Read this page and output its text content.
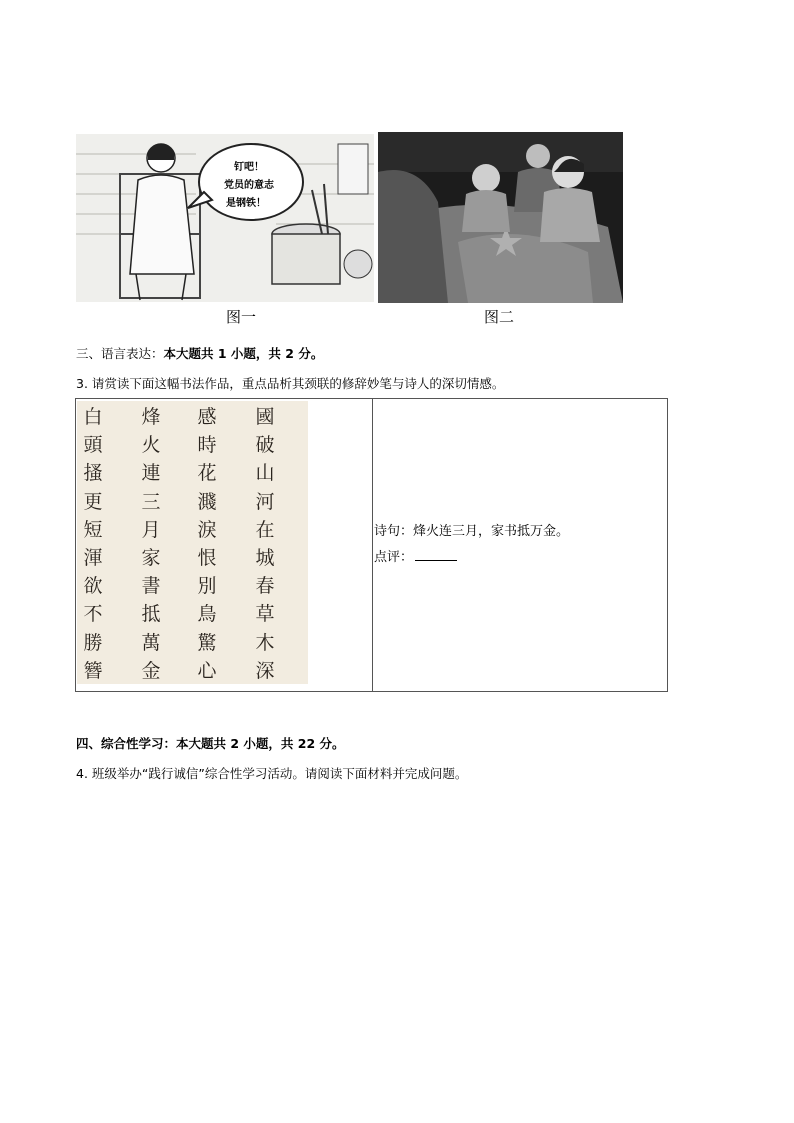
钉吧！
党员的意志
是钢铁！
图一	图二
三、语言表达：本大题共 1 小题，共 2 分。
3. 请赏读下面这幅书法作品，重点品析其颈联的修辞妙笔与诗人的深切情感。
白
頭
搔
更
短
渾
欲
不
勝
簪
烽
火
連
三
月
家
書
抵
萬
金
感
時
花
濺
淚
恨
別
鳥
驚
心
國
破
山
河
在
城
春
草
木
深
诗句：烽火连三月，家书抵万金。
点评：
四、综合性学习：本大题共 2 小题，共 22 分。
4. 班级举办“践行诚信”综合性学习活动。请阅读下面材料并完成问题。
